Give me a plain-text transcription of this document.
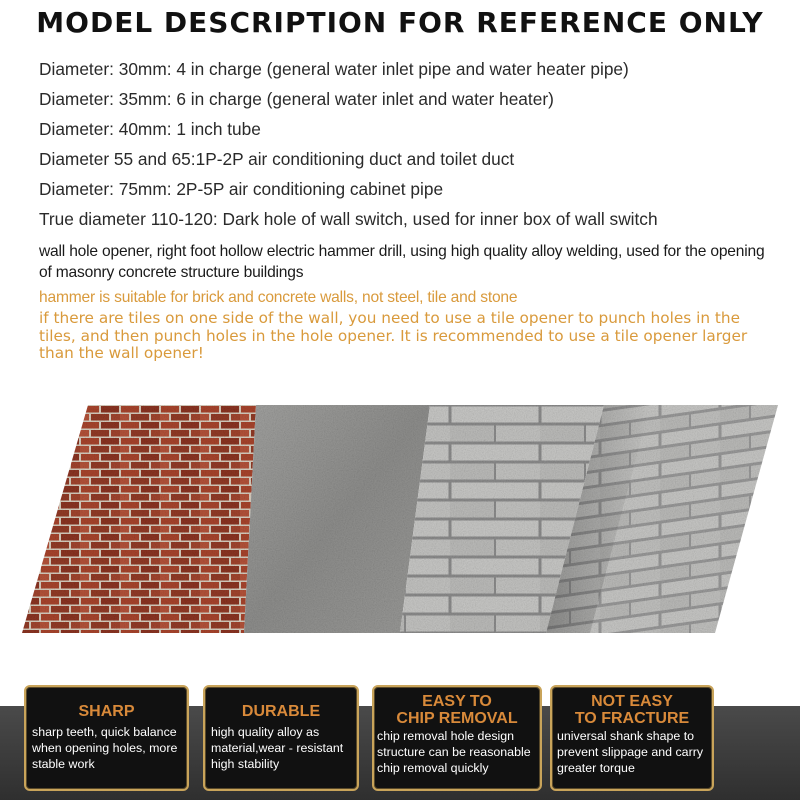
MODEL DESCRIPTION FOR REFERENCE ONLY
Diameter: 30mm: 4 in charge (general water inlet pipe and water heater pipe)
Diameter: 35mm: 6 in charge (general water inlet and water heater)
Diameter: 40mm: 1 inch tube
Diameter 55 and 65:1P-2P air conditioning duct and toilet duct
Diameter: 75mm: 2P-5P air conditioning cabinet pipe
True diameter 110-120: Dark hole of wall switch, used for inner box of wall switch
wall hole opener, right foot hollow electric hammer drill, using high quality alloy welding, used for the opening of masonry concrete structure buildings
hammer is suitable for brick and concrete walls, not steel, tile and stone
if there are tiles on one side of the wall, you need to use a tile opener to punch holes in the tiles, and then punch holes in the hole opener. It is recommended to use a tile opener larger than the wall opener!
SHARP
sharp teeth, quick balance when opening holes, more stable work
DURABLE
high quality alloy as material,wear - resistant high stability
EASY TO
CHIP REMOVAL
chip removal hole design structure can be reasonable chip removal quickly
NOT EASY
TO FRACTURE
universal shank shape to prevent slippage and carry greater torque
